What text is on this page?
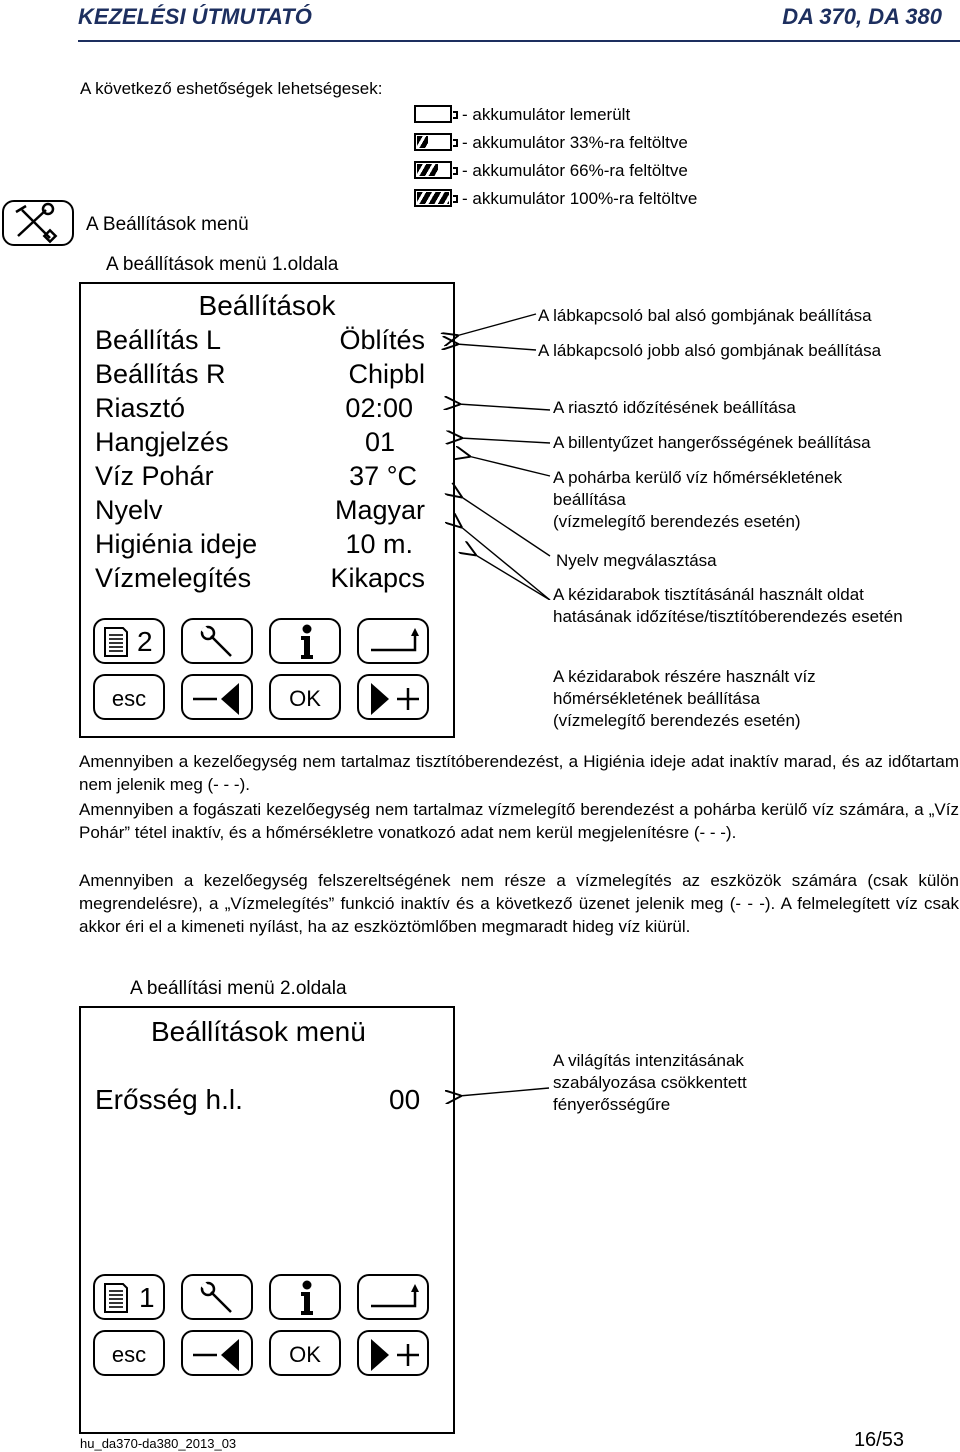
KEZELÉSI ÚTMUTATÓ	DA 370, DA 380
A következő eshetőségek lehetségesek:
- akkumulátor lemerült
- akkumulátor 33%-ra feltöltve
- akkumulátor 66%-ra feltöltve
- akkumulátor 100%-ra feltöltve
A Beállítások menü
A beállítások menü 1.oldala
Beállítások
Beállítás L	Öblítés
Beállítás R	Chipbl
Riasztó	02:00
Hangjelzés	01
Víz Pohár	37 °C
Nyelv	Magyar
Higiénia ideje	10 m.
Vízmelegítés	Kikapcs
2
esc	OK
A lábkapcsoló bal alsó gombjának beállítása
A lábkapcsoló jobb alsó gombjának beállítása
A riasztó időzítésének beállítása
A billentyűzet hangerősségének beállítása
A pohárba kerülő víz hőmérsékletének beállítása
(vízmelegítő berendezés esetén)
Nyelv megválasztása
A kézidarabok tisztításánál használt oldat hatásának időzítése/tisztítóberendezés esetén
A kézidarabok részére használt víz hőmérsékletének beállítása
(vízmelegítő berendezés esetén)
Amennyiben a kezelőegység nem tartalmaz tisztítóberendezést, a Higiénia ideje adat inaktív marad, és az időtartam nem jelenik meg (- - -).
Amennyiben a fogászati kezelőegység nem tartalmaz vízmelegítő berendezést a pohárba kerülő víz számára, a „Víz Pohár” tétel inaktív, és a hőmérsékletre vonatkozó adat nem kerül megjelenítésre (- - -).
Amennyiben a kezelőegység felszereltségének nem része a vízmelegítés az eszközök számára (csak külön megrendelésre), a „Vízmelegítés” funkció inaktív és a következő üzenet jelenik meg (- - -). A felmelegített víz csak akkor éri el a kimeneti nyílást, ha az eszköztömlőben megmaradt hideg víz kiürül.
A beállítási menü 2.oldala
Beállítások menü
Erősség h.l.	00
1
esc	OK
A világítás intenzitásának szabályozása csökkentett fényerősségűre
hu_da370-da380_2013_03	16/53
